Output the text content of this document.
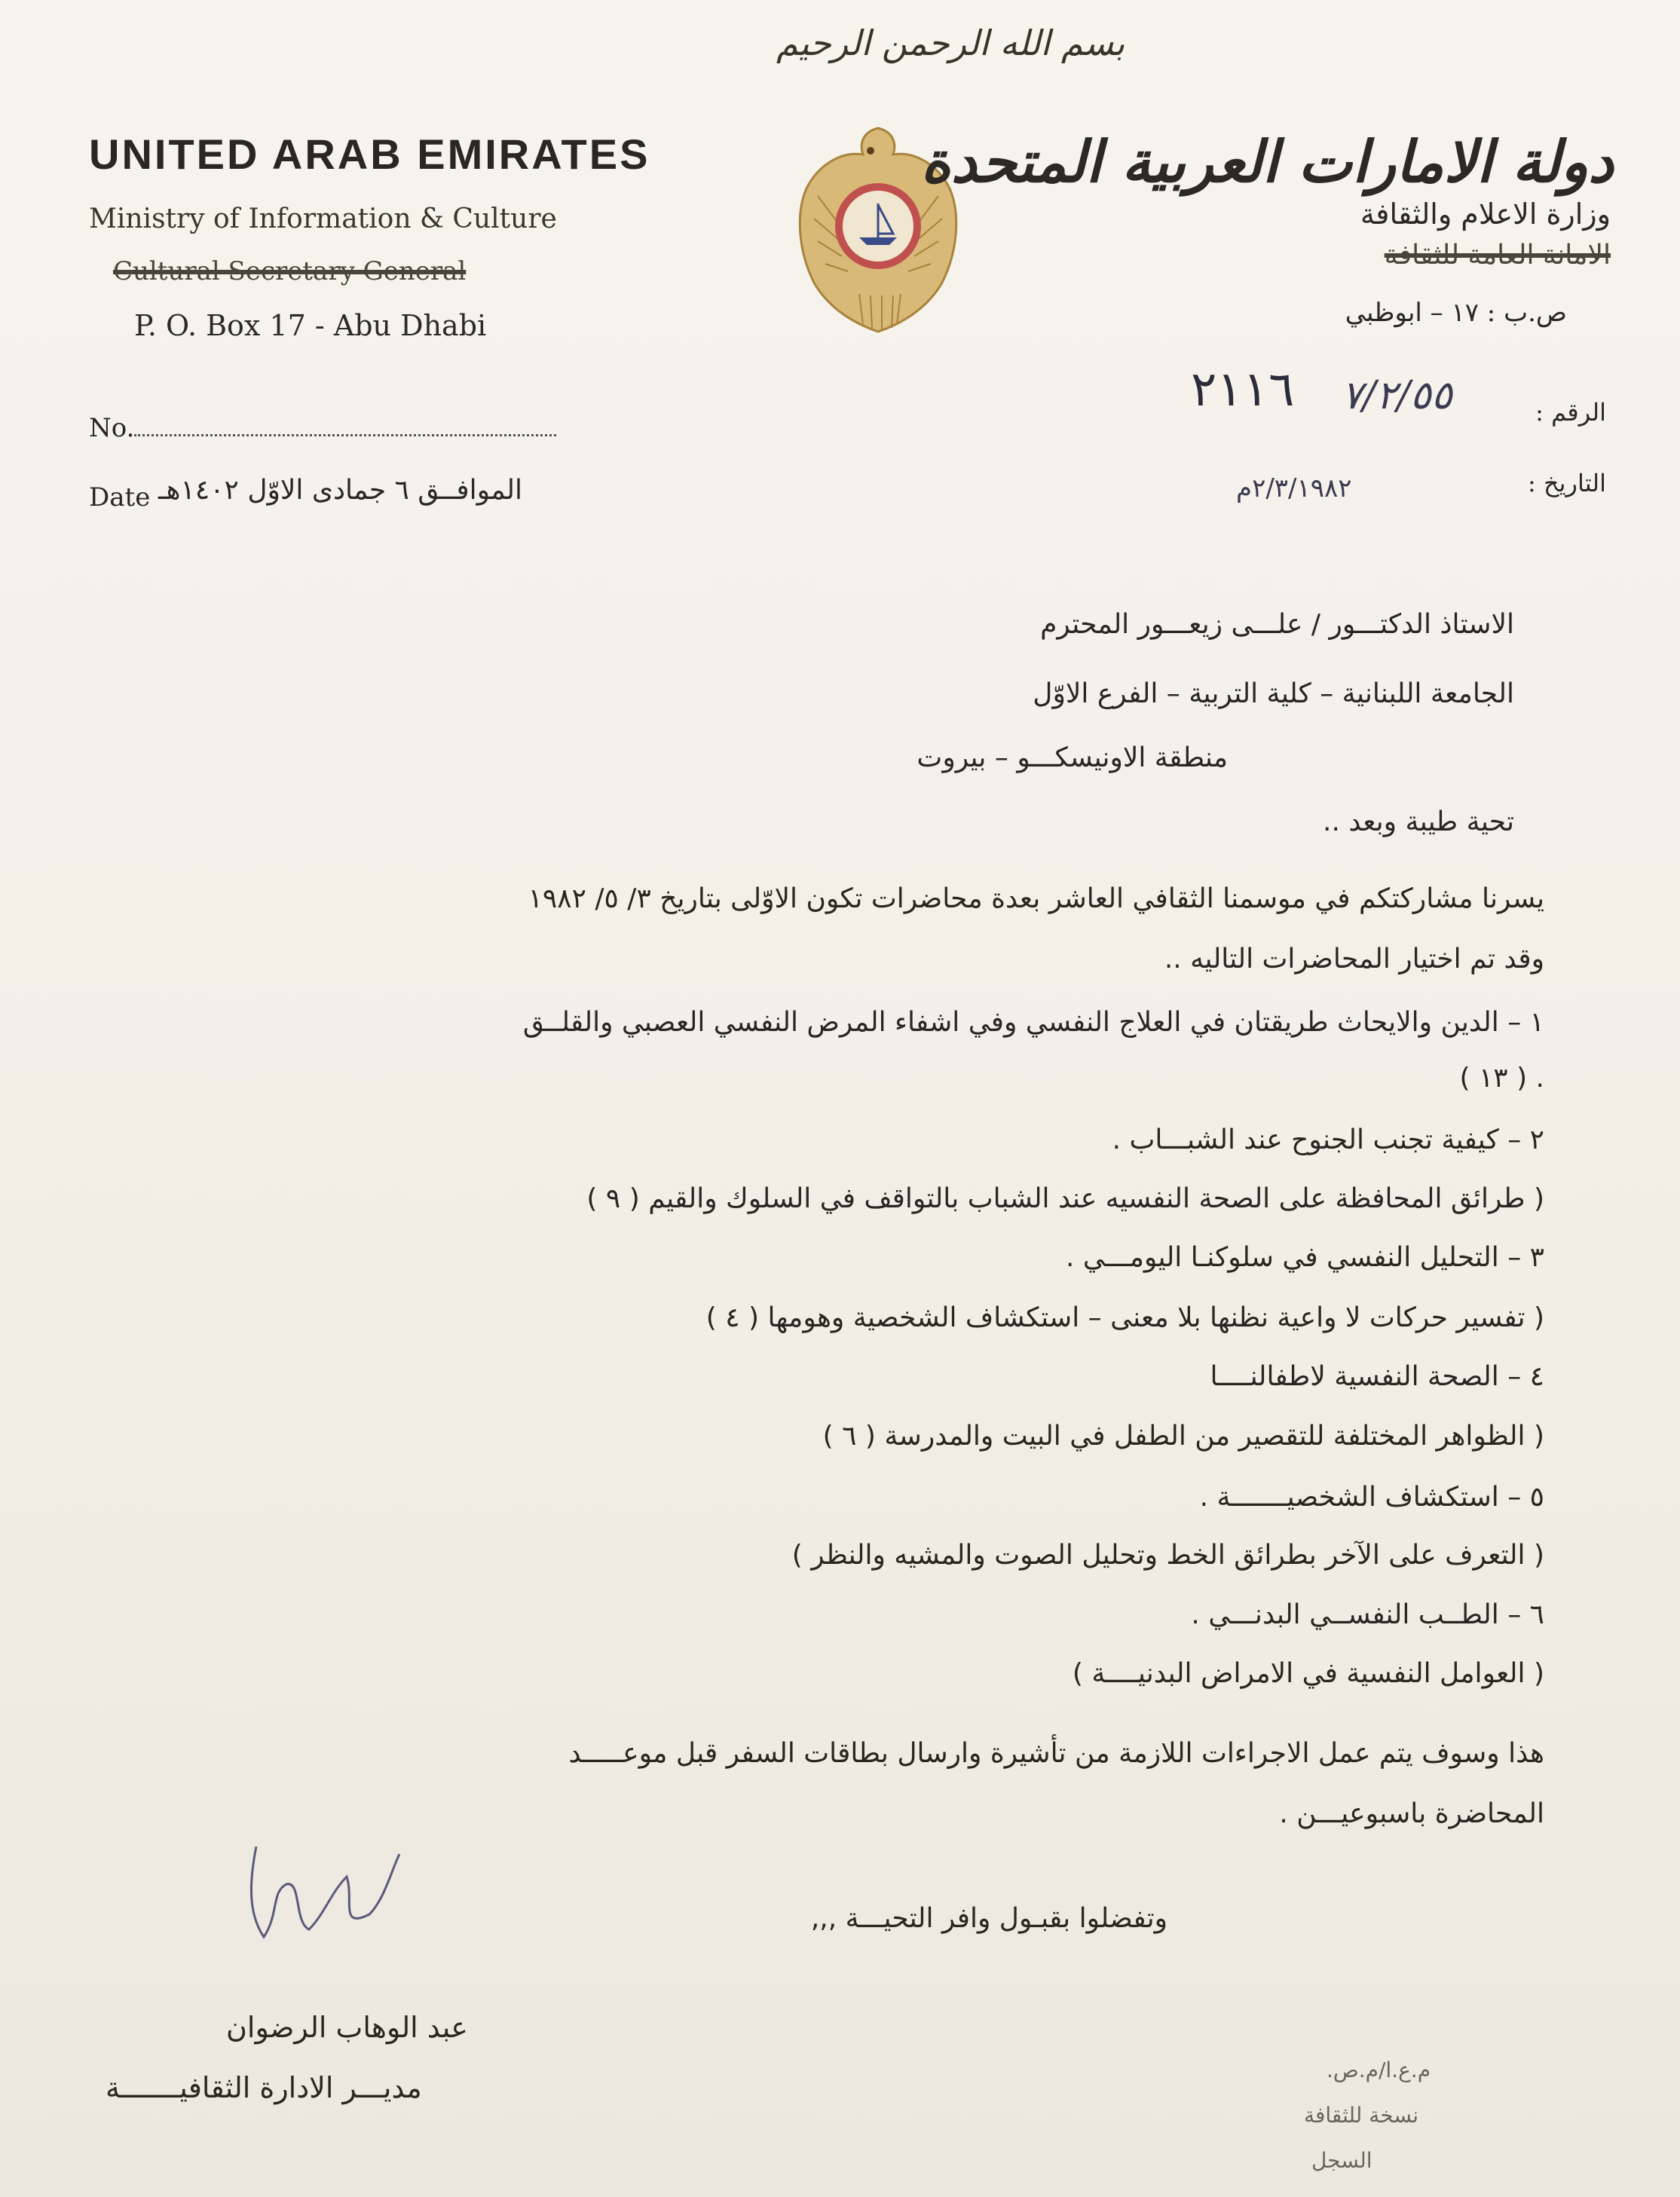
بسم الله الرحمن الرحيم
UNITED ARAB EMIRATES
Ministry of Information & Culture
Cultural Secretary General
P. O. Box 17 - Abu Dhabi
دولة الامارات العربية المتحدة
وزارة الاعلام والثقافة
الامانة العامة للثقافة
ص.ب : ١٧ – ابوظبي
No.
Date الموافــق ٦ جمادى الاوّل ١٤٠٢هـ
الرقم :
٢١١٦ ٧/٢/٥٥
التاريخ :
٢/٣/١٩٨٢م
الاستاذ الدكتـــور / علـــى زيعـــور المحترم
الجامعة اللبنانية – كلية التربية – الفرع الاوّل
منطقة الاونيسكـــو – بيروت
تحية طيبة وبعد ..
يسرنا مشاركتكم في موسمنا الثقافي العاشر بعدة محاضرات تكون الاوّلى بتاريخ ٣/ ٥/ ١٩٨٢
وقد تم اختيار المحاضرات التاليه ..
١ – الدين والايحاث طريقتان في العلاج النفسي وفي اشفاء المرض النفسي العصبي والقلــق
. ( ١٣ )
٢ – كيفية تجنب الجنوح عند الشبـــاب .
( طرائق المحافظة على الصحة النفسيه عند الشباب بالتواقف في السلوك والقيم ( ٩ )
٣ – التحليل النفسي في سلوكنـا اليومـــي .
( تفسير حركات لا واعية نظنها بلا معنى – استكشاف الشخصية وهومها ( ٤ )
٤ – الصحة النفسية لاطفالنــــا
( الظواهر المختلفة للتقصير من الطفل في البيت والمدرسة ( ٦ )
٥ – استكشاف الشخصيـــــــة .
( التعرف على الآخر بطرائق الخط وتحليل الصوت والمشيه والنظر )
٦ – الطــب النفســي البدنـــي .
( العوامل النفسية في الامراض البدنيــــة )
هذا وسوف يتم عمل الاجراءات اللازمة من تأشيرة وارسال بطاقات السفر قبل موعـــــد
المحاضرة باسبوعيـــن .
وتفضلوا بقبـول وافر التحيـــة ,,,
عبد الوهاب الرضوان
مديـــر الادارة الثقافيـــــــة
م.ع.ا/م.ص.
نسخة للثقافة
السجل
